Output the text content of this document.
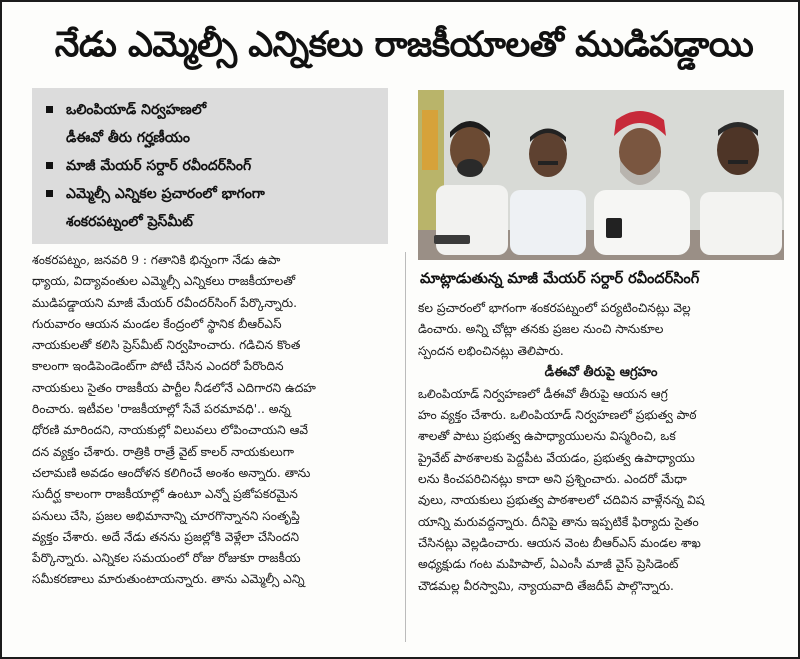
నేడు ఎమ్మెల్సీ ఎన్నికలు రాజకీయాలతో ముడిపడ్డాయి
ఒలింపియాడ్ నిర్వహణలో
డీఈవో తీరు గర్హణీయం
మాజీ మేయర్ సర్దార్ రవీందర్‌సింగ్
ఎమ్మెల్సీ ఎన్నికల ప్రచారంలో భాగంగా
శంకరపట్నంలో ప్రెస్‌మీట్
మాట్లాడుతున్న మాజీ మేయర్ సర్దార్ రవీందర్‌సింగ్
శంకరపట్నం, జనవరి 9 : గతానికి భిన్నంగా నేడు ఉపా
ధ్యాయ, విద్యావంతుల ఎమ్మెల్సీ ఎన్నికలు రాజకీయాలతో
ముడిపడ్డాయని మాజీ మేయర్ రవీందర్‌సింగ్ పేర్కొన్నారు.
గురువారం ఆయన మండల కేంద్రంలో స్థానిక బీఆర్ఎస్
నాయకులతో కలిసి ప్రెస్‌మీట్ నిర్వహించారు. గడిచిన కొంత
కాలంగా ఇండిపెండెంట్‌గా పోటీ చేసిన ఎందరో పేరొందిన
నాయకులు సైతం రాజకీయ పార్టీల నీడలోనే ఎదిగారని ఉదహ
రించారు. ఇటీవల 'రాజకీయాల్లో సేవే పరమావధి'.. అన్న
ధోరణి మారిందని, నాయకుల్లో విలువలు లోపించాయని ఆవే
దన వ్యక్తం చేశారు. రాత్రికి రాత్రే వైట్ కాలర్ నాయకులుగా
చలామణి అవడం ఆందోళన కలిగించే అంశం అన్నారు. తాను
సుదీర్ఘ కాలంగా రాజకీయాల్లో ఉంటూ ఎన్నో ప్రజోపకరమైన
పనులు చేసి, ప్రజల అభిమానాన్ని చూరగొన్నానని సంతృప్తి
వ్యక్తం చేశారు. అదే నేడు తనను ప్రజల్లోకి వెళ్లేలా చేసిందని
పేర్కొన్నారు. ఎన్నికల సమయంలో రోజు రోజుకూ రాజకీయ
సమీకరణాలు మారుతుంటాయన్నారు. తాను ఎమ్మెల్సీ ఎన్ని
కల ప్రచారంలో భాగంగా శంకరపట్నంలో పర్యటించినట్లు వెల్ల
డించారు. అన్ని చోట్లా తనకు ప్రజల నుంచి సానుకూల
స్పందన లభించినట్లు తెలిపారు.
డీఈవో తీరుపై ఆగ్రహం
ఒలింపియాడ్ నిర్వహణలో డీఈవో తీరుపై ఆయన ఆగ్ర
హం వ్యక్తం చేశారు. ఒలింపియాడ్ నిర్వహణలో ప్రభుత్వ పాఠ
శాలతో పాటు ప్రభుత్వ ఉపాధ్యాయులను విస్మరించి, ఒక
ప్రైవేట్ పాఠశాలకు పెద్దపీట వేయడం, ప్రభుత్వ ఉపాధ్యాయు
లను కించపరిచినట్లు కాదా అని ప్రశ్నించారు. ఎందరో మేధా
వులు, నాయకులు ప్రభుత్వ పాఠశాలలో చదివిన వాళ్లేనన్న విష
యాన్ని మరువద్దన్నారు. దీనిపై తాను ఇప్పటికే ఫిర్యాదు సైతం
చేసినట్లు వెల్లడించారు. ఆయన వెంట బీఆర్ఎస్ మండల శాఖ
అధ్యక్షుడు గంట మహిపాల్, ఏఎంసీ మాజీ వైస్ ప్రెసిడెంట్
చౌడమల్ల వీరస్వామి, న్యాయవాది తేజదీప్ పాల్గొన్నారు.
